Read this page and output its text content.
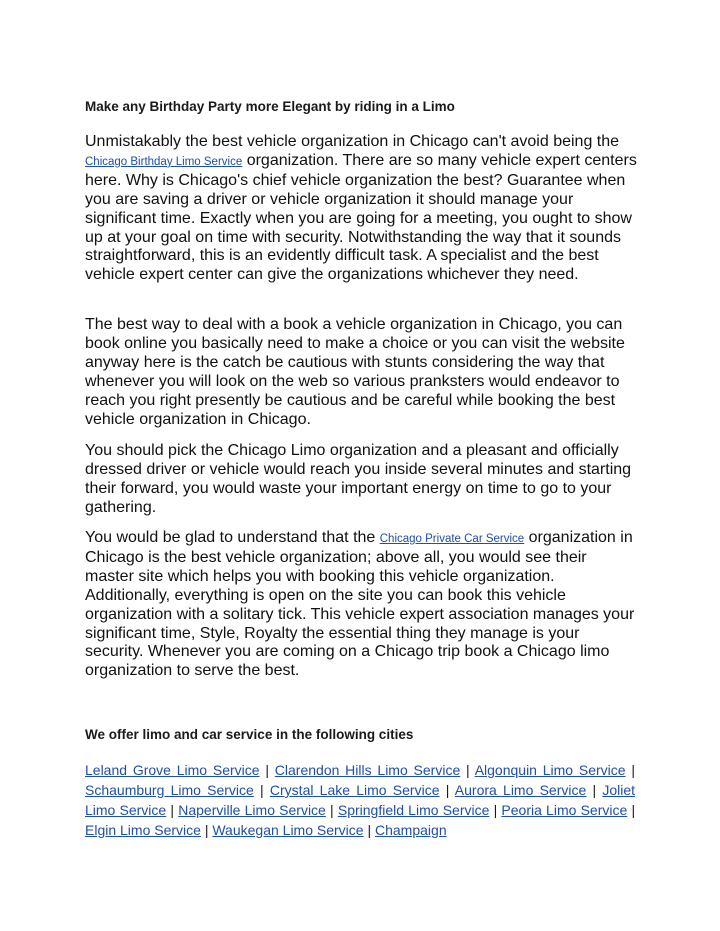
Make any Birthday Party more Elegant by riding in a Limo

Unmistakably the best vehicle organization in Chicago can't avoid being the Chicago Birthday Limo Service organization. There are so many vehicle expert centers here. Why is Chicago's chief vehicle organization the best? Guarantee when you are saving a driver or vehicle organization it should manage your significant time. Exactly when you are going for a meeting, you ought to show up at your goal on time with security. Notwithstanding the way that it sounds straightforward, this is an evidently difficult task. A specialist and the best vehicle expert center can give the organizations whichever they need.

The best way to deal with a book a vehicle organization in Chicago, you can book online you basically need to make a choice or you can visit the website anyway here is the catch be cautious with stunts considering the way that whenever you will look on the web so various pranksters would endeavor to reach you right presently be cautious and be careful while booking the best vehicle organization in Chicago.

You should pick the Chicago Limo organization and a pleasant and officially dressed driver or vehicle would reach you inside several minutes and starting their forward, you would waste your important energy on time to go to your gathering.

You would be glad to understand that the Chicago Private Car Service organization in Chicago is the best vehicle organization; above all, you would see their master site which helps you with booking this vehicle organization. Additionally, everything is open on the site you can book this vehicle organization with a solitary tick. This vehicle expert association manages your significant time, Style, Royalty the essential thing they manage is your security. Whenever you are coming on a Chicago trip book a Chicago limo organization to serve the best.

We offer limo and car service in the following cities

Leland Grove Limo Service | Clarendon Hills Limo Service | Algonquin Limo Service | Schaumburg Limo Service | Crystal Lake Limo Service | Aurora Limo Service | Joliet Limo Service | Naperville Limo Service | Springfield Limo Service | Peoria Limo Service | Elgin Limo Service | Waukegan Limo Service | Champaign
